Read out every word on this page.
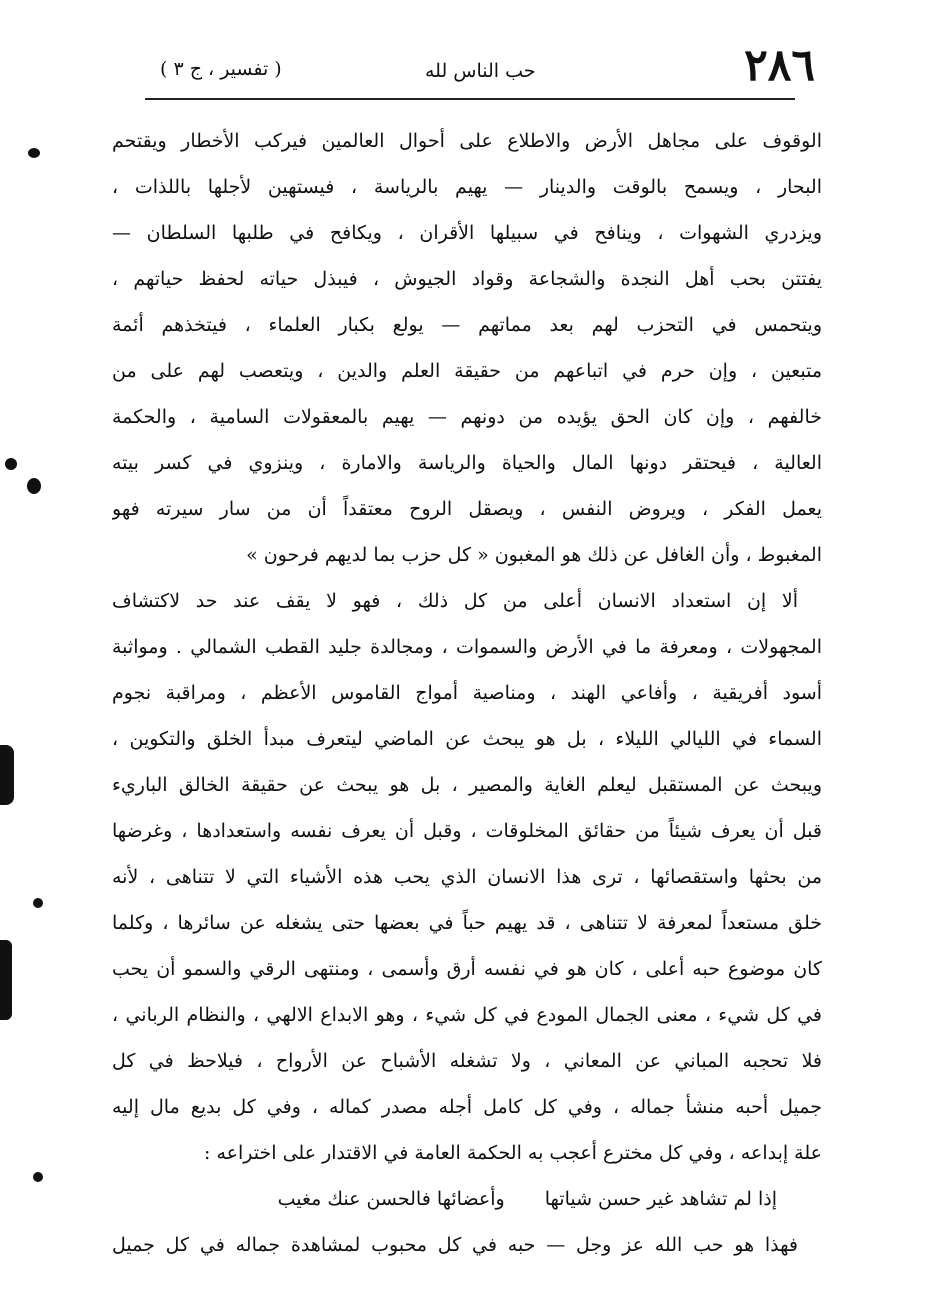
٢٨٦
حب الناس لله
( تفسير ، ج ٣ )
الوقوف على مجاهل الأرض والاطلاع على أحوال العالمين فيركب الأخطار ويقتحم
البحار ، ويسمح بالوقت والدينار — يهيم بالرياسة ، فيستهين لأجلها باللذات ،
ويزدري الشهوات ، وينافح في سبيلها الأقران ، ويكافح في طلبها السلطان —
يفتتن بحب أهل النجدة والشجاعة وقواد الجيوش ، فيبذل حياته لحفظ حياتهم ،
ويتحمس في التحزب لهم بعد مماتهم — يولع بكبار العلماء ، فيتخذهم أئمة
متبعين ، وإن حرم في اتباعهم من حقيقة العلم والدين ، ويتعصب لهم على من
خالفهم ، وإن كان الحق يؤيده من دونهم — يهيم بالمعقولات السامية ، والحكمة
العالية ، فيحتقر دونها المال والحياة والرياسة والامارة ، وينزوي في كسر بيته
يعمل الفكر ، ويروض النفس ، ويصقل الروح معتقداً أن من سار سيرته فهو
المغبوط ، وأن الغافل عن ذلك هو المغبون « كل حزب بما لديهم فرحون »
ألا إن استعداد الانسان أعلى من كل ذلك ، فهو لا يقف عند حد لاكتشاف
المجهولات ، ومعرفة ما في الأرض والسموات ، ومجالدة جليد القطب الشمالي . ومواثبة
أسود أفريقية ، وأفاعي الهند ، ومناصية أمواج القاموس الأعظم ، ومراقبة نجوم
السماء في الليالي الليلاء ، بل هو يبحث عن الماضي ليتعرف مبدأ الخلق والتكوين ،
ويبحث عن المستقبل ليعلم الغاية والمصير ، بل هو يبحث عن حقيقة الخالق الباريء
قبل أن يعرف شيئاً من حقائق المخلوقات ، وقبل أن يعرف نفسه واستعدادها ، وغرضها
من بحثها واستقصائها ، ترى هذا الانسان الذي يحب هذه الأشياء التي لا تتناهى ، لأنه
خلق مستعداً لمعرفة لا تتناهى ، قد يهيم حباً في بعضها حتى يشغله عن سائرها ، وكلما
كان موضوع حبه أعلى ، كان هو في نفسه أرق وأسمى ، ومنتهى الرقي والسمو أن يحب
في كل شيء ، معنى الجمال المودع في كل شيء ، وهو الابداع الالهي ، والنظام الرباني ،
فلا تحجبه المباني عن المعاني ، ولا تشغله الأشباح عن الأرواح ، فيلاحظ في كل
جميل أحبه منشأ جماله ، وفي كل كامل أجله مصدر كماله ، وفي كل بديع مال إليه
علة إبداعه ، وفي كل مخترع أعجب به الحكمة العامة في الاقتدار على اختراعه :
إذا لم تشاهد غير حسن شياتها
وأعضائها فالحسن عنك مغيب
فهذا هو حب الله عز وجل — حبه في كل محبوب لمشاهدة جماله في كل جميل
